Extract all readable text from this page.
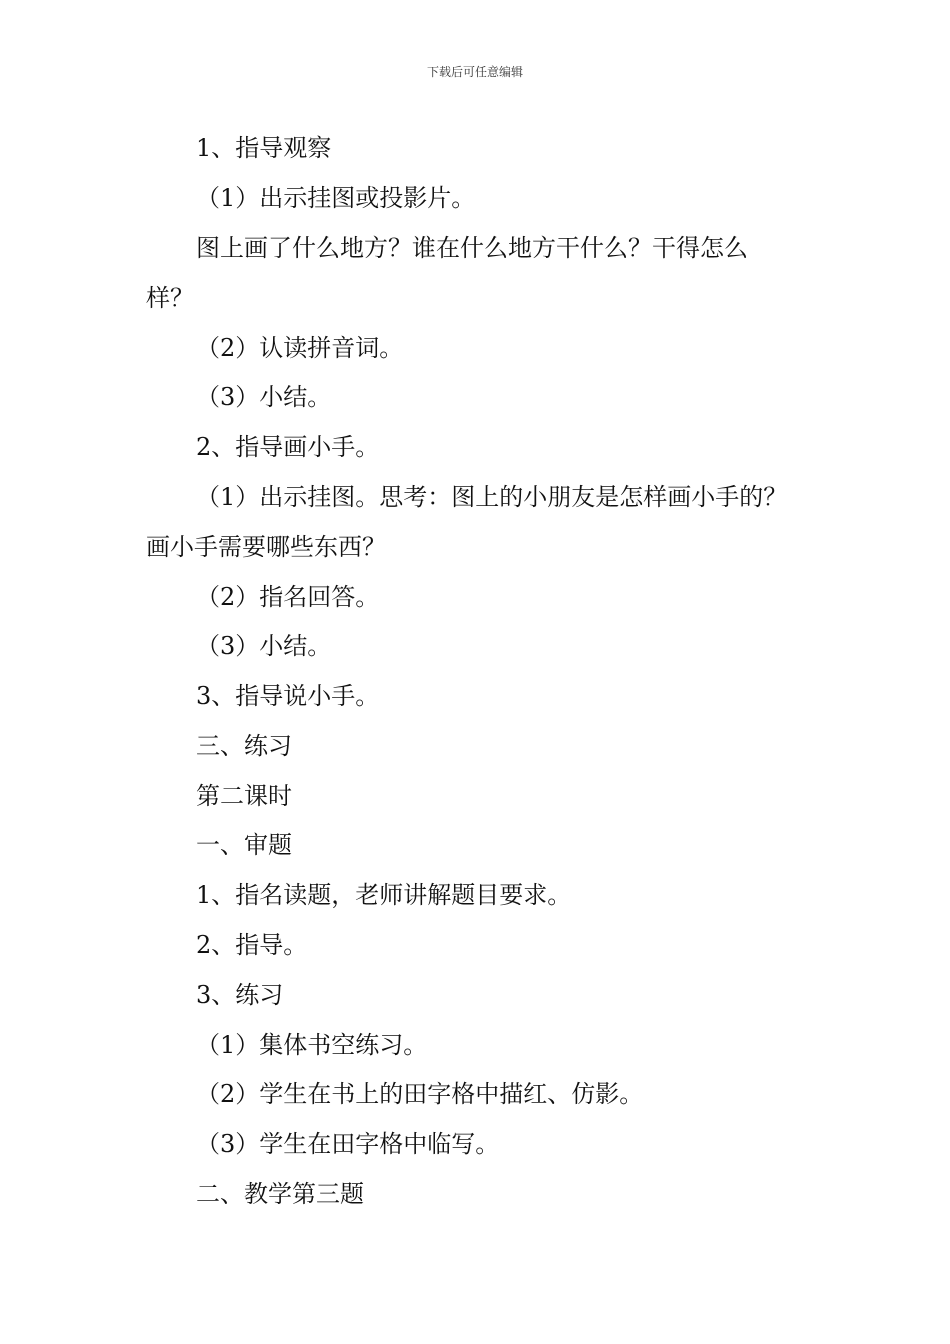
下载后可任意编辑
1、指导观察
（1）出示挂图或投影片。
图上画了什么地方？谁在什么地方干什么？干得怎么
样？
（2）认读拼音词。
（3）小结。
2、指导画小手。
（1）出示挂图。思考：图上的小朋友是怎样画小手的？
画小手需要哪些东西？
（2）指名回答。
（3）小结。
3、指导说小手。
三、练习
第二课时
一、审题
1、指名读题，老师讲解题目要求。
2、指导。
3、练习
（1）集体书空练习。
（2）学生在书上的田字格中描红、仿影。
（3）学生在田字格中临写。
二、教学第三题
